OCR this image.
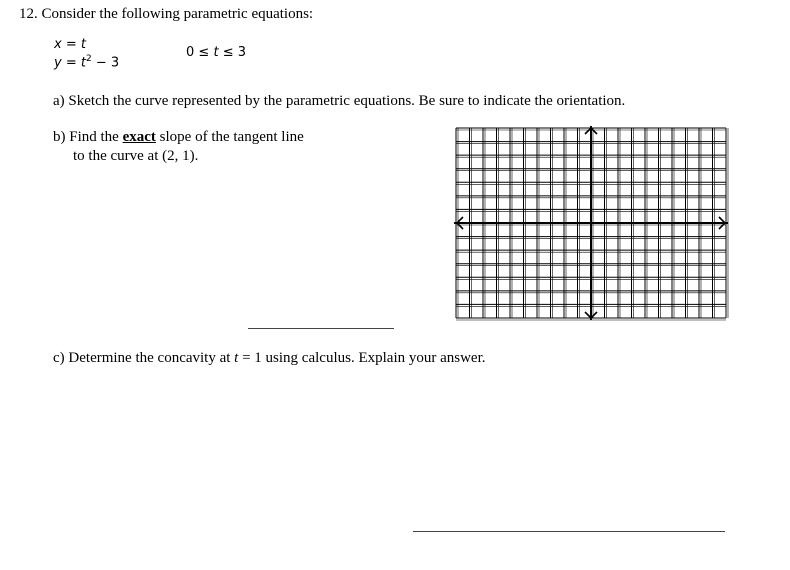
12. Consider the following parametric equations:
x = t
$y = t^2 - 3$
0 ≤ t ≤ 3
a) Sketch the curve represented by the parametric equations. Be sure to indicate the orientation.
b) Find the exact slope of the tangent line
to the curve at (2, 1).
c) Determine the concavity at t = 1 using calculus. Explain your answer.
